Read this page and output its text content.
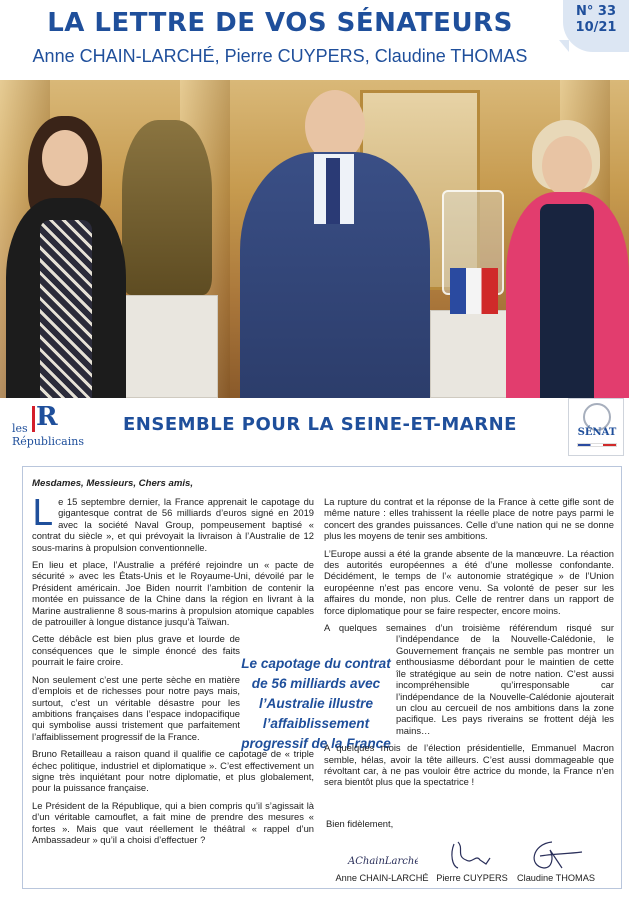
LA LETTRE DE VOS SÉNATEURS
Anne CHAIN-LARCHÉ, Pierre CUYPERS, Claudine THOMAS
N° 33
10/21
R
les
Républicains
ENSEMBLE POUR LA SEINE-ET-MARNE	SÉNAT
Mesdames, Messieurs, Chers amis,

Le 15 septembre dernier, la France apprenait le capotage du gigantesque contrat de 56 milliards d’euros signé en 2019 avec la société Naval Group, pompeusement baptisé « contrat du siècle », et qui prévoyait la livraison à l’Australie de 12 sous-marins à propulsion conventionnelle.

En lieu et place, l’Australie a préféré rejoindre un « pacte de sécurité » avec les États-Unis et le Royaume-Uni, dévoilé par le Président américain. Joe Biden nourrit l’ambition de contenir la montée en puissance de la Chine dans la région en livrant à la Marine australienne 8 sous-marins à propulsion atomique capables de patrouiller à longue distance jusqu’à Taïwan.

Cette débâcle est bien plus grave et lourde de conséquences que le simple énoncé des faits pourrait le faire croire.

Non seulement c’est une perte sèche en matière d’emplois et de richesses pour notre pays mais, surtout, c’est un véritable désastre pour les ambitions françaises dans l’espace indopacifique qui symbolise aussi tristement que parfaitement l’affaiblissement progressif de la France.

Bruno Retailleau a raison quand il qualifie ce capotage de « triple échec politique, industriel et diplomatique ». C’est effectivement un signe très inquiétant pour notre diplomatie, et plus globalement, pour la puissance française.

Le Président de la République, qui a bien compris qu’il s’agissait là d’un véritable camouflet, a fait mine de prendre des mesures « fortes ». Mais que vaut réellement le théâtral « rappel d’un Ambassadeur » qu’il a choisi d’effectuer ?

Le capotage du contrat de 56 milliards avec l’Australie illustre l’affaiblissement progressif de la France

La rupture du contrat et la réponse de la France à cette gifle sont de même nature : elles trahissent la réelle place de notre pays parmi le concert des grandes puissances. Celle d’une nation qui ne se donne plus les moyens de tenir ses ambitions.

L’Europe aussi a été la grande absente de la manœuvre. La réaction des autorités européennes a été d’une mollesse confondante. Décidément, le temps de l’« autonomie stratégique » de l’Union européenne n’est pas encore venu. Sa volonté de peser sur les affaires du monde, non plus. Celle de rentrer dans un rapport de force diplomatique pour se faire respecter, encore moins.

A quelques semaines d’un troisième référendum risqué sur l’indépendance de la Nouvelle-Calédonie, le Gouvernement français ne semble pas montrer un enthousiasme débordant pour le maintien de cette île stratégique au sein de notre nation. C’est aussi incompréhensible qu’irresponsable car l’indépendance de la Nouvelle-Calédonie ajouterait un clou au cercueil de nos ambitions dans la zone pacifique. Les pays riverains se frottent déjà les mains…

A quelques mois de l’élection présidentielle, Emmanuel Macron semble, hélas, avoir la tête ailleurs. C’est aussi dommageable que révoltant car, à ne pas vouloir être actrice du monde, la France n’en sera bientôt plus que la spectatrice !

Bien fidèlement,
AChainLarché
Anne CHAIN-LARCHÉ Pierre CUYPERS	Claudine THOMAS
